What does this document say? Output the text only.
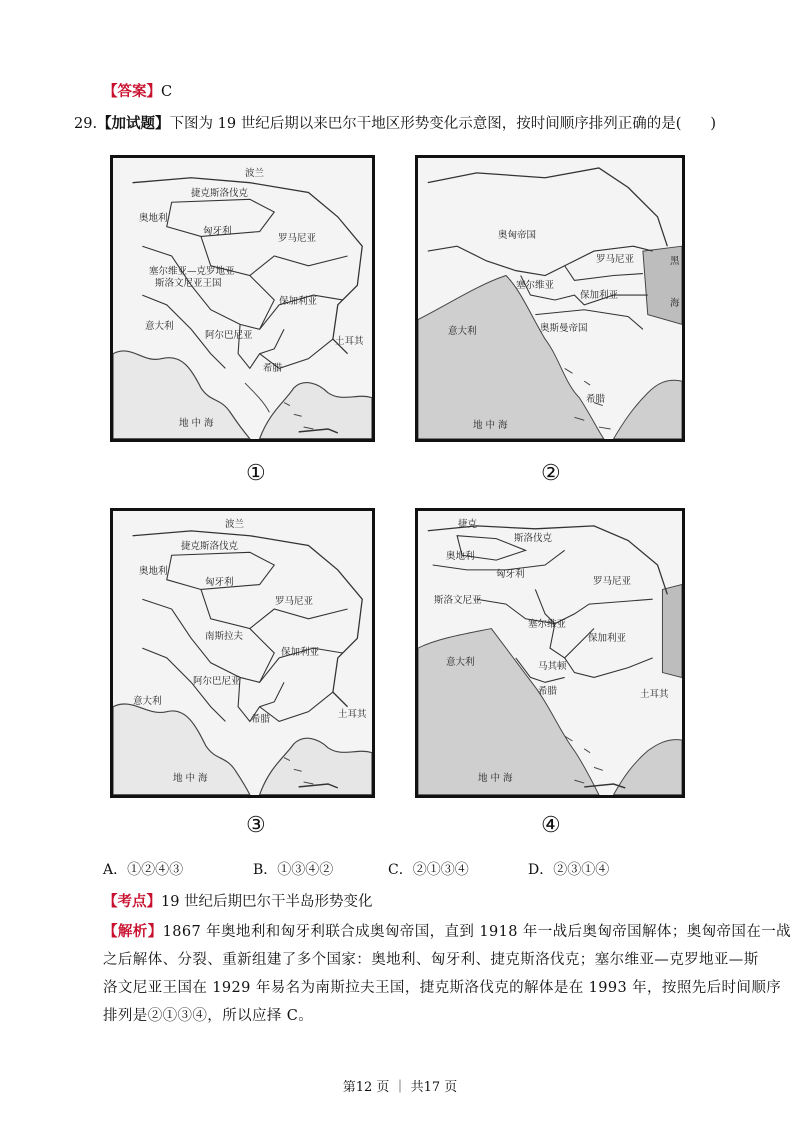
【答案】C
29.【加试题】下图为 19 世纪后期以来巴尔干地区形势变化示意图，按时间顺序排列正确的是(　　)
波兰
捷克斯洛伐克
奥地利
匈牙利
罗马尼亚
塞尔维亚—克罗地亚
斯洛文尼亚王国
保加利亚
意大利
阿尔巴尼亚
希腊
土耳其
地 中 海
奥匈帝国
罗马尼亚
塞尔维亚
黑
海
保加利亚
意大利	奥斯曼帝国
希腊
地 中 海
①	②
波兰
捷克斯洛伐克
奥地利
匈牙利
罗马尼亚
南斯拉夫
保加利亚
意大利
阿尔巴尼亚
希腊	土耳其
地 中 海
捷克
斯洛伐克
奥地利
匈牙利
罗马尼亚
斯洛文尼亚
塞尔维亚
保加利亚
意大利	马其顿
希腊	土耳其
地 中 海
③	④
A．①②④③	B．①③④②	C．②①③④	D．②③①④
【考点】19 世纪后期巴尔干半岛形势变化
【解析】1867 年奥地利和匈牙利联合成奥匈帝国，直到 1918 年一战后奥匈帝国解体；奥匈帝国在一战
之后解体、分裂、重新组建了多个国家：奥地利、匈牙利、捷克斯洛伐克；塞尔维亚—克罗地亚—斯
洛文尼亚王国在 1929 年易名为南斯拉夫王国，捷克斯洛伐克的解体是在 1993 年，按照先后时间顺序
排列是②①③④，所以应择 C。
第12 页 ｜ 共17 页
